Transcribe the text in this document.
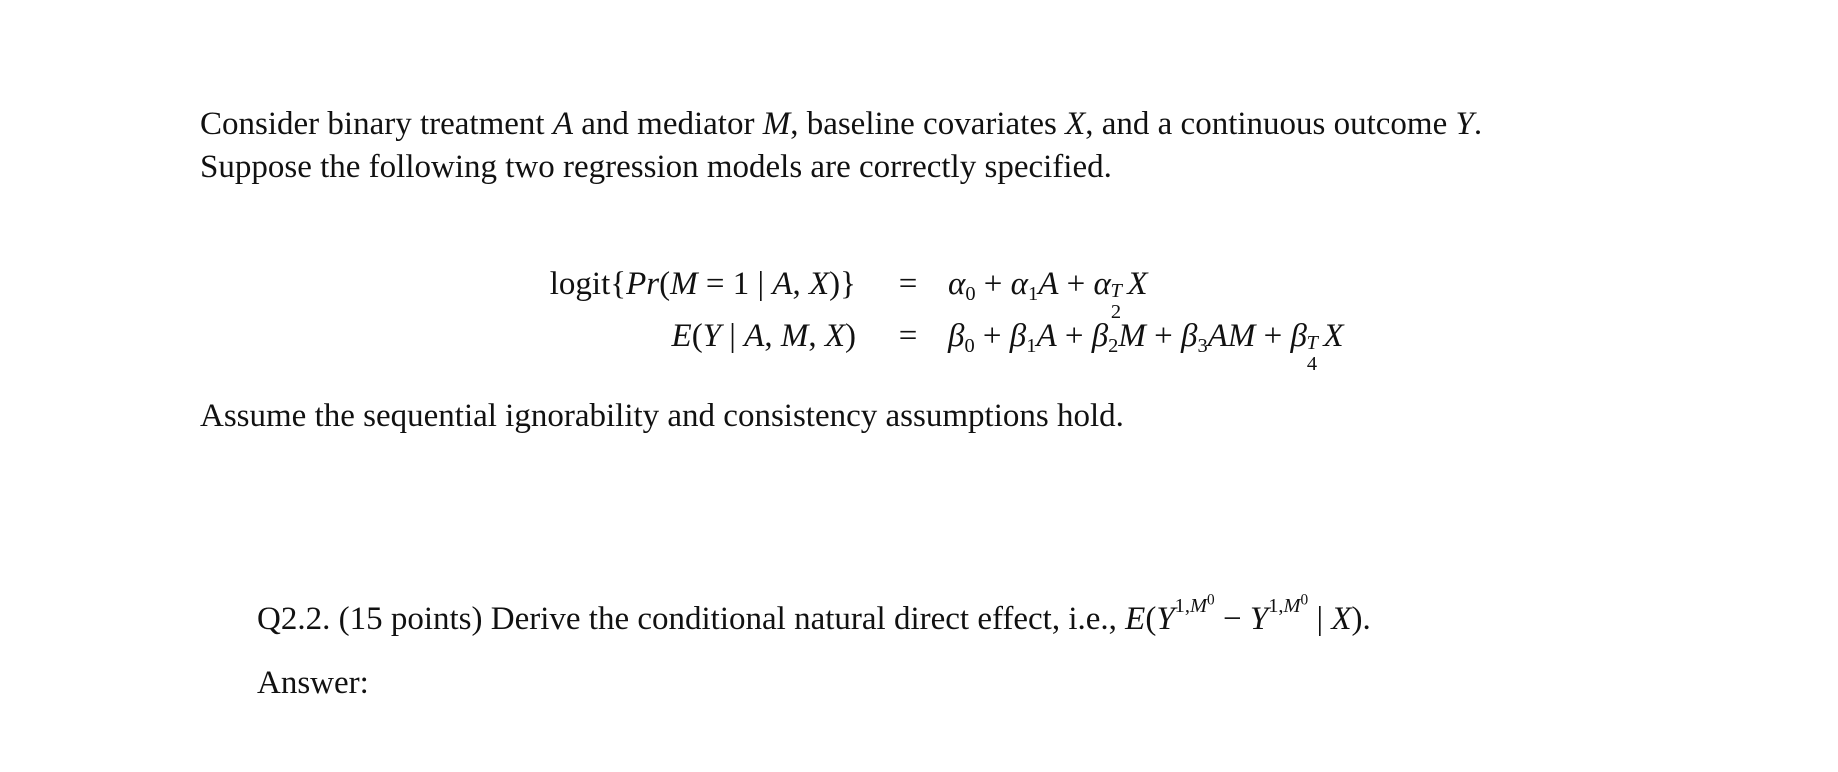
Consider binary treatment A and mediator M, baseline covariates X, and a continuous outcome Y.
Suppose the following two regression models are correctly specified.
logit{Pr(M = 1 | A, $X)\} = \alpha_0 + \alpha_1A + \alpha$ T
2
X
E(Y | A, M, $X) = \beta_0 + \beta_1A + \beta_2M + \beta_3AM + \beta$ T
4
X
Assume the sequential ignorability and consistency assumptions hold.
Q2.2. (15 points) Derive the conditional natural direct effect, i.e., $E(Y^{1,M^0} - Y^{1,M^0}$ | X).
Answer:
